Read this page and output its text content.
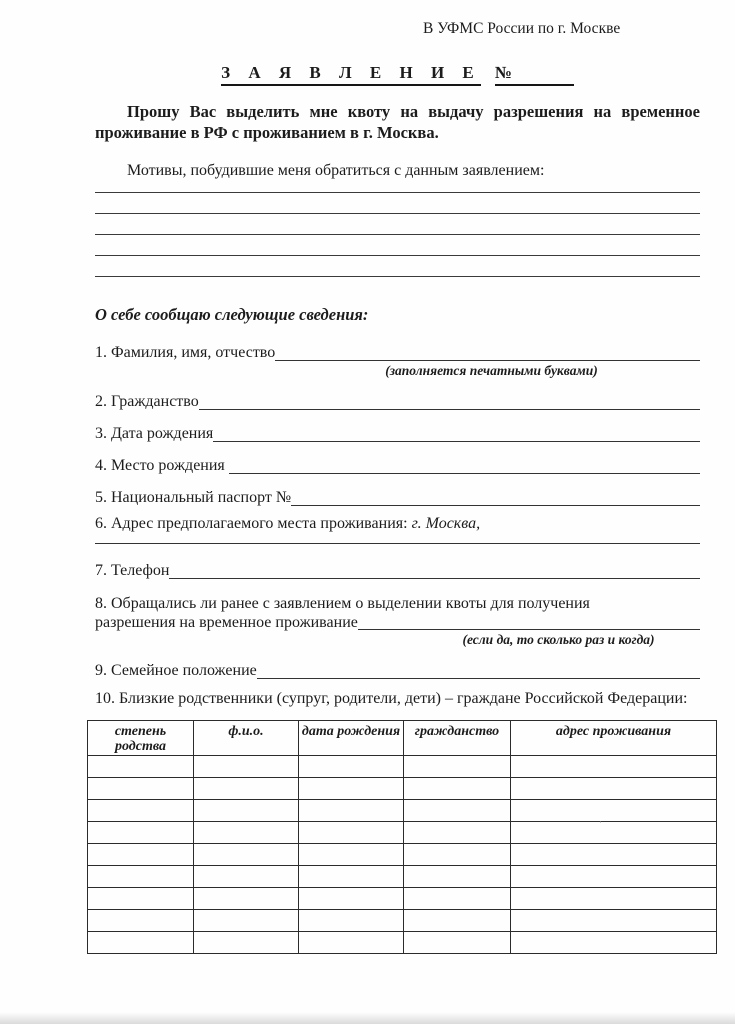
В УФМС России по г. Москве
З А Я В Л Е Н И Е №
Прошу Вас выделить мне квоту на выдачу разрешения на временное проживание в РФ с проживанием в г. Москва.
Мотивы, побудившие меня обратиться с данным заявлением:
О себе сообщаю следующие сведения:
1. Фамилия, имя, отчество
(заполняется печатными буквами)
2. Гражданство
3. Дата рождения
4. Место рождения
5. Национальный паспорт №
6. Адрес предполагаемого места проживания: г. Москва,
7. Телефон
8. Обращались ли ранее с заявлением о выделении квоты для получения
разрешения на временное проживание
(если да, то сколько раз и когда)
9. Семейное положение
10. Близкие родственники (супруг, родители, дети) – граждане Российской Федерации:
степень родства	ф.и.о.	дата рождения	гражданство	адрес проживания

·
